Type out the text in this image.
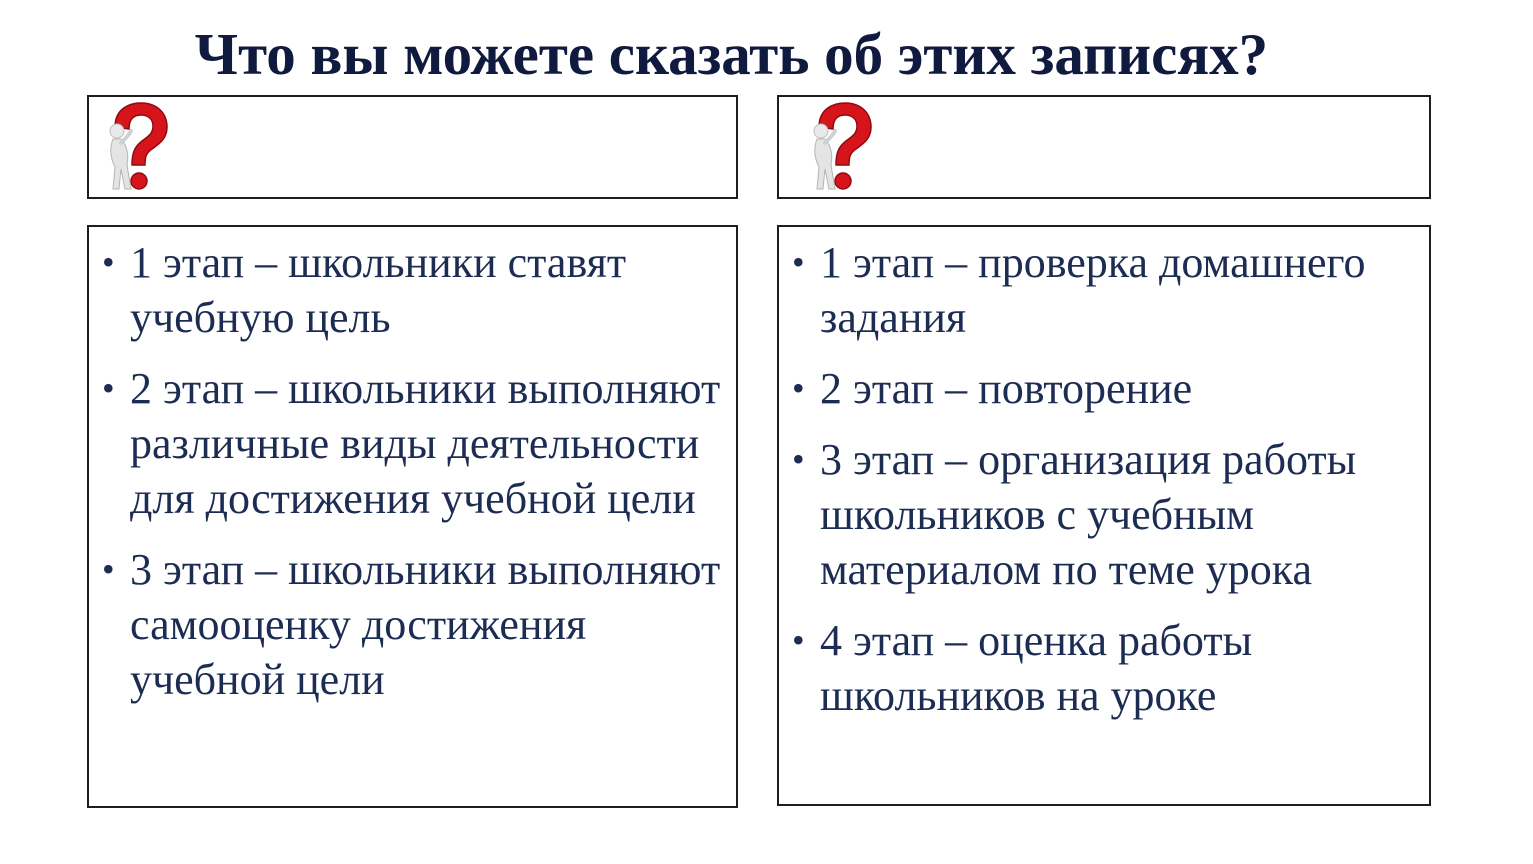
Что вы можете сказать об этих записях?
• 1 этап – школьники ставят учебную цель
• 2 этап – школьники выполняют различные виды деятельности для достижения учебной цели
• 3 этап – школьники выполняют самооценку достижения учебной цели
• 1 этап – проверка домашнего задания
• 2 этап – повторение
• 3 этап – организация работы школьников с учебным материалом по теме урока
• 4 этап – оценка работы школьников на уроке
